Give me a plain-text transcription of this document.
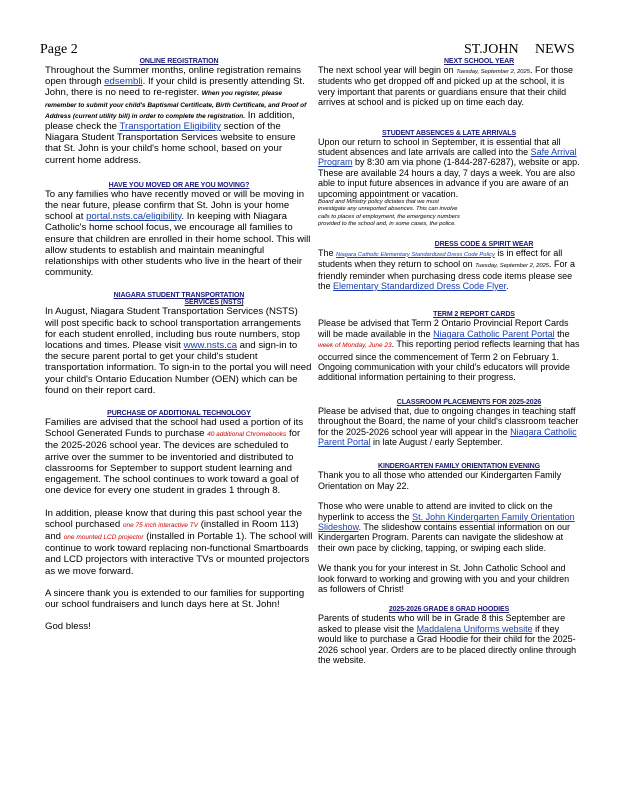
Page 2	ST.JOHN NEWS
ONLINE REGISTRATION
Throughout the Summer months, online registration remains open through edsembli. If your child is presently attending St. John, there is no need to re-register. When you register, please remember to submit your child's Baptismal Certificate, Birth Certificate, and Proof of Address (current utility bill) in order to complete the registration. In addition, please check the Transportation Eligibility section of the Niagara Student Transportation Services website to ensure that St. John is your child's home school, based on your current home address.
HAVE YOU MOVED OR ARE YOU MOVING?
To any families who have recently moved or will be moving in the near future, please confirm that St. John is your home school at portal.nsts.ca/eligibility. In keeping with Niagara Catholic's home school focus, we encourage all families to ensure that children are enrolled in their home school. This will allow students to establish and maintain meaningful relationships with other students who live in the heart of their community.
NIAGARA STUDENT TRANSPORTATION
SERVICES (NSTS)
In August, Niagara Student Transportation Services (NSTS) will post specific back to school transportation arrangements for each student enrolled, including bus route numbers, stop locations and times. Please visit www.nsts.ca and sign-in to the secure parent portal to get your child's student transportation information. To sign-in to the portal you will need your child's Ontario Education Number (OEN) which can be found on their report card.
PURCHASE OF ADDITIONAL TECHNOLOGY
Families are advised that the school had used a portion of its School Generated Funds to purchase 40 additional Chromebooks for the 2025-2026 school year. The devices are scheduled to arrive over the summer to be inventoried and distributed to classrooms for September to support student learning and engagement. The school continues to work toward a goal of one device for every one student in grades 1 through 8.
In addition, please know that during this past school year the school purchased one 75 inch interactive TV (installed in Room 113) and one mounted LCD projector (installed in Portable 1). The school will continue to work toward replacing non-functional Smartboards and LCD projectors with interactive TVs or mounted projectors as we move forward.
A sincere thank you is extended to our families for supporting our school fundraisers and lunch days here at St. John!
God bless!
NEXT SCHOOL YEAR
The next school year will begin on Tuesday, September 2, 2025. For those students who get dropped off and picked up at the school, it is very important that parents or guardians ensure that their child arrives at school and is picked up on time each day.
STUDENT ABSENCES & LATE ARRIVALS
Upon our return to school in September, it is essential that all student absences and late arrivals are called into the Safe Arrival Program by 8:30 am via phone (1-844-287-6287), website or app. These are available 24 hours a day, 7 days a week. You are also able to input future absences in advance if you are aware of an upcoming appointment or vacation.
Board and Ministry policy dictates that we must investigate any unreported absences. This can involve calls to places of employment, the emergency numbers provided to the school and, in some cases, the police.
DRESS CODE & SPIRIT WEAR
The Niagara Catholic Elementary Standardized Dress Code Policy is in effect for all students when they return to school on Tuesday, September 2, 2025. For a friendly reminder when purchasing dress code items please see the Elementary Standardized Dress Code Flyer.
TERM 2 REPORT CARDS
Please be advised that Term 2 Ontario Provincial Report Cards will be made available in the Niagara Catholic Parent Portal the week of Monday, June 23. This reporting period reflects learning that has occurred since the commencement of Term 2 on February 1. Ongoing communication with your child's educators will provide additional information pertaining to their progress.
CLASSROOM PLACEMENTS FOR 2025-2026
Please be advised that, due to ongoing changes in teaching staff throughout the Board, the name of your child's classroom teacher for the 2025-2026 school year will appear in the Niagara Catholic Parent Portal in late August / early September.
KINDERGARTEN FAMILY ORIENTATION EVENING
Thank you to all those who attended our Kindergarten Family Orientation on May 22.
Those who were unable to attend are invited to click on the hyperlink to access the St. John Kindergarten Family Orientation Slideshow. The slideshow contains essential information on our Kindergarten Program. Parents can navigate the slideshow at their own pace by clicking, tapping, or swiping each slide.
We thank you for your interest in St. John Catholic School and look forward to working and growing with you and your children as followers of Christ!
2025-2026 GRADE 8 GRAD HOODIES
Parents of students who will be in Grade 8 this September are asked to please visit the Maddalena Uniforms website if they would like to purchase a Grad Hoodie for their child for the 2025-2026 school year. Orders are to be placed directly online through the website.
